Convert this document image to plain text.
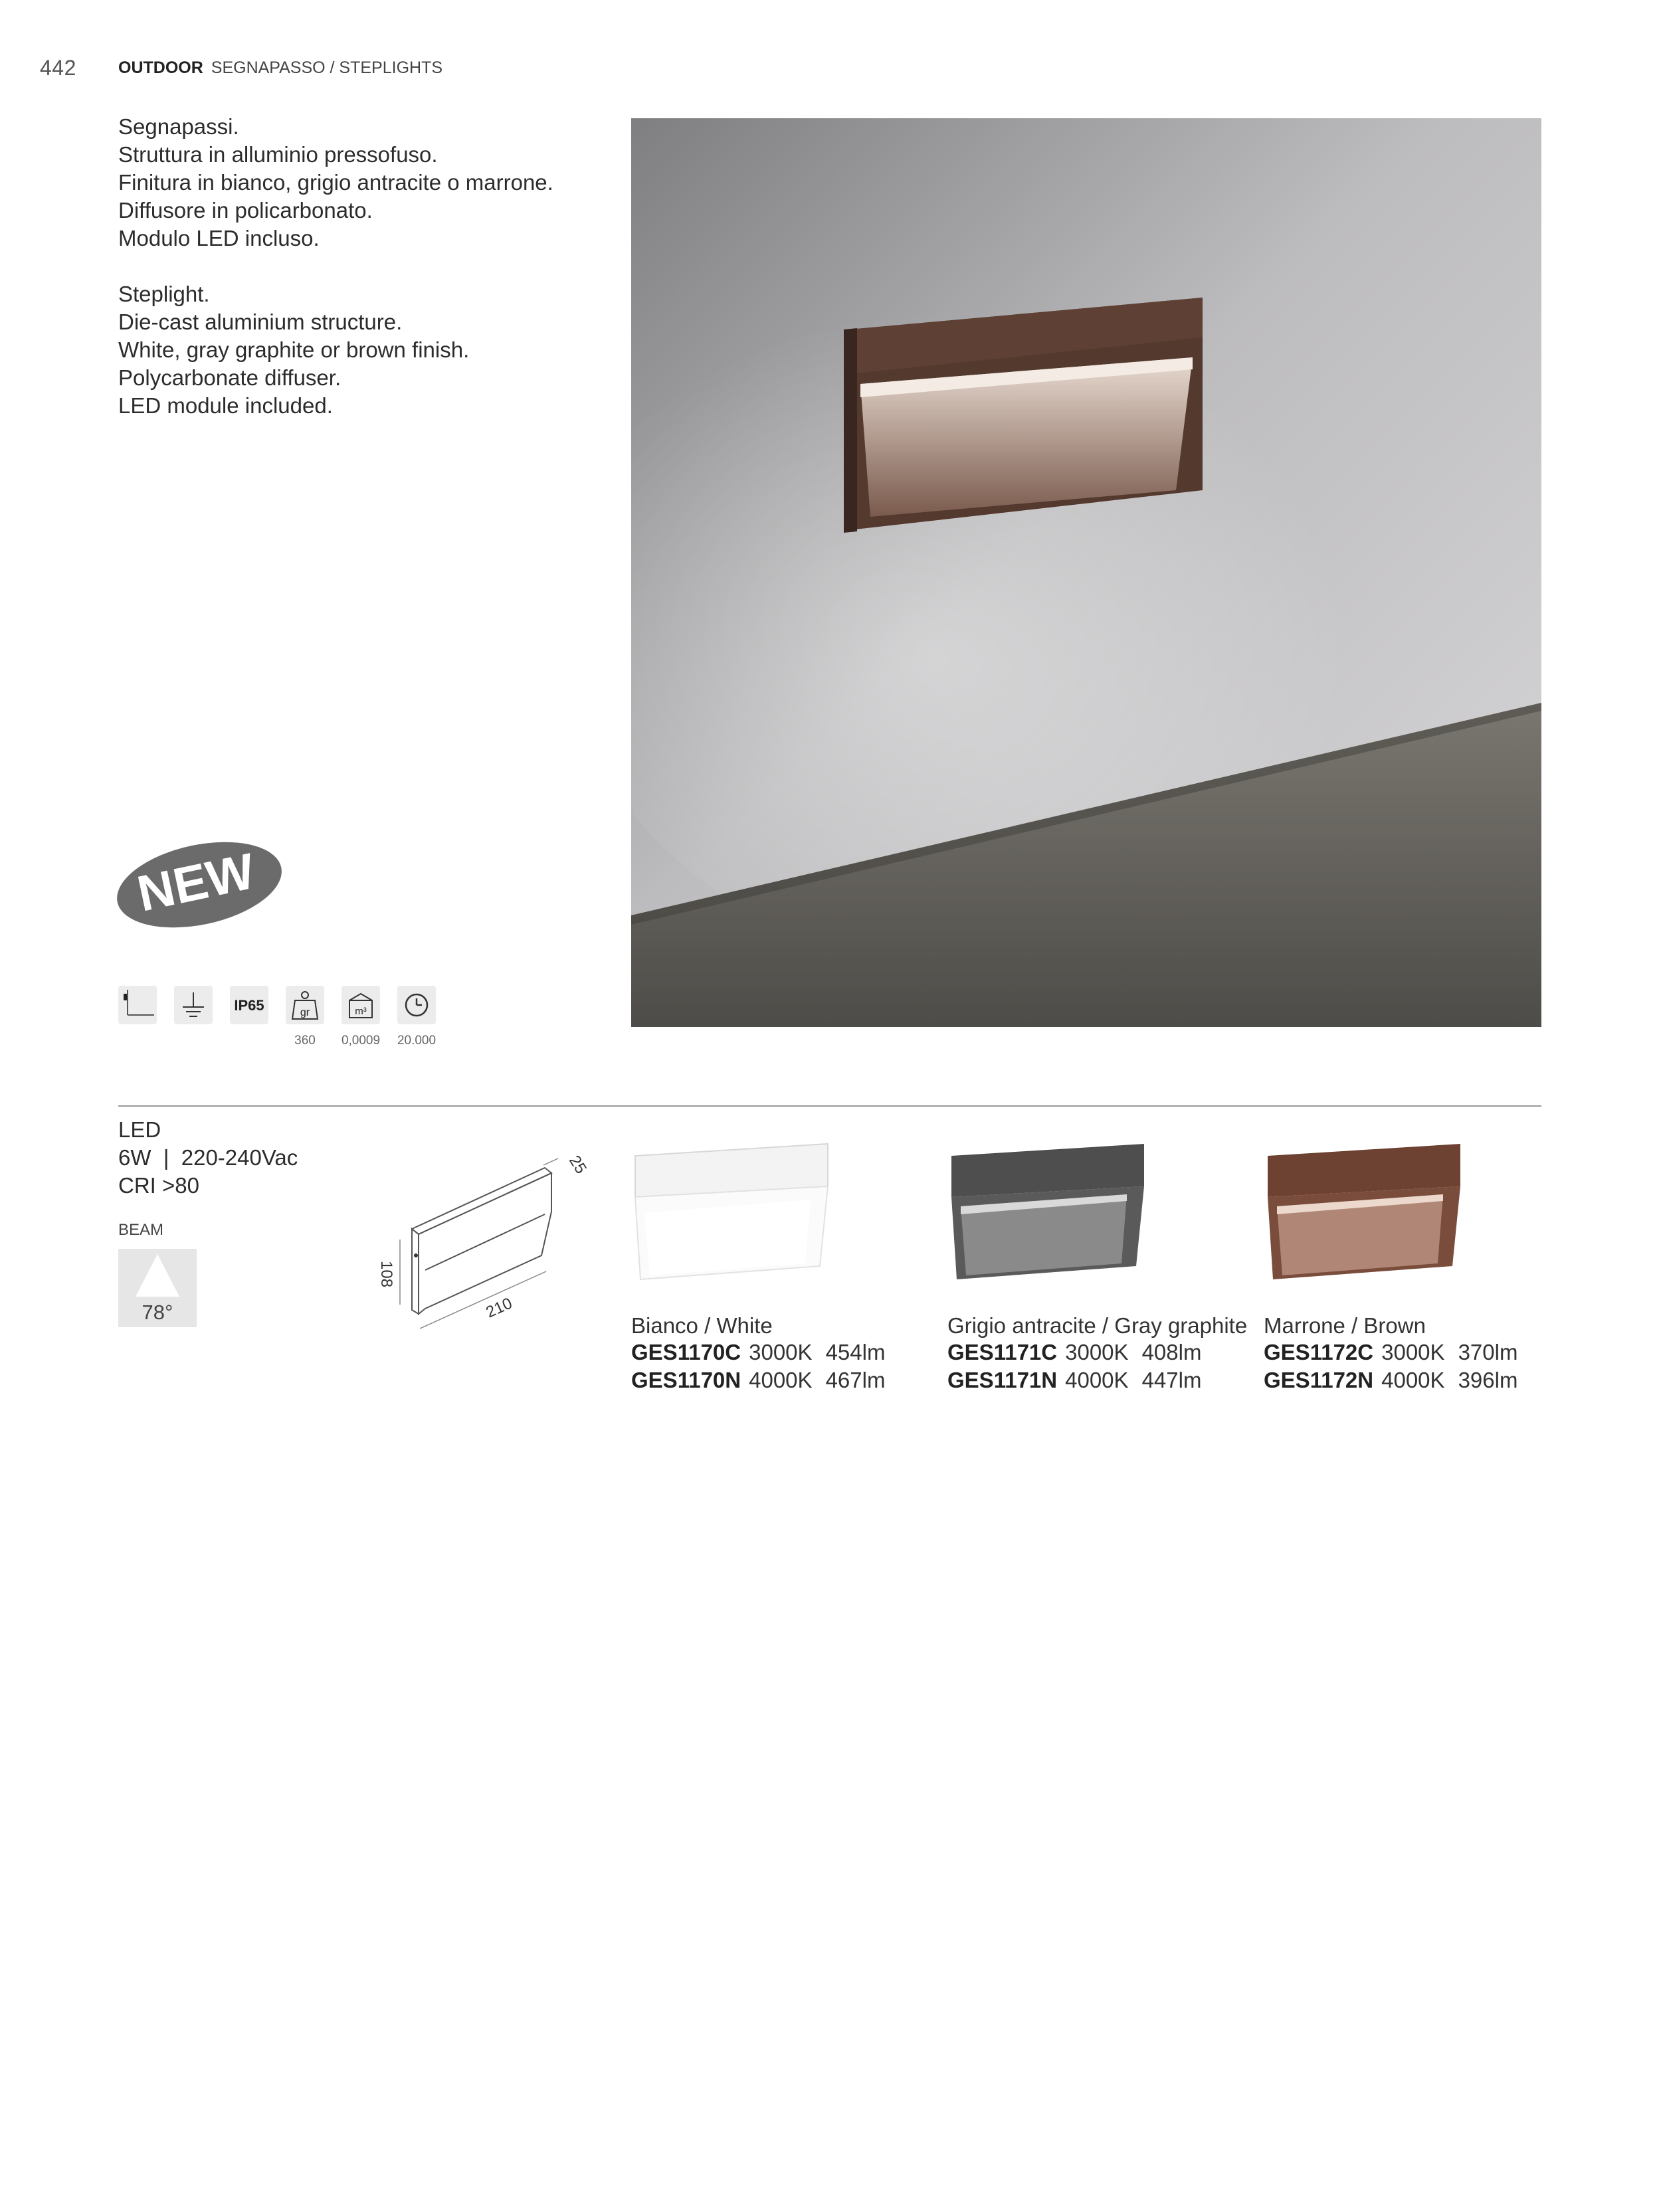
442	OUTDOOR SEGNAPASSO / STEPLIGHTS
Segnapassi.
Struttura in alluminio pressofuso.
Finitura in bianco, grigio antracite o marrone.
Diffusore in policarbonato.
Modulo LED incluso.
Steplight.
Die-cast aluminium structure.
White, gray graphite or brown finish.
Polycarbonate diffuser.
LED module included.
NEW
IP65	gr	m³
360	0,0009	20.000
LED
6W  |  220-240Vac
CRI >80
BEAM
78°
25
108
210
Bianco / White
GES1170C 3000K 454lm
GES1170N 4000K 467lm
Grigio antracite / Gray graphite
GES1171C 3000K 408lm
GES1171N 4000K 447lm
Marrone / Brown
GES1172C 3000K 370lm
GES1172N 4000K 396lm
